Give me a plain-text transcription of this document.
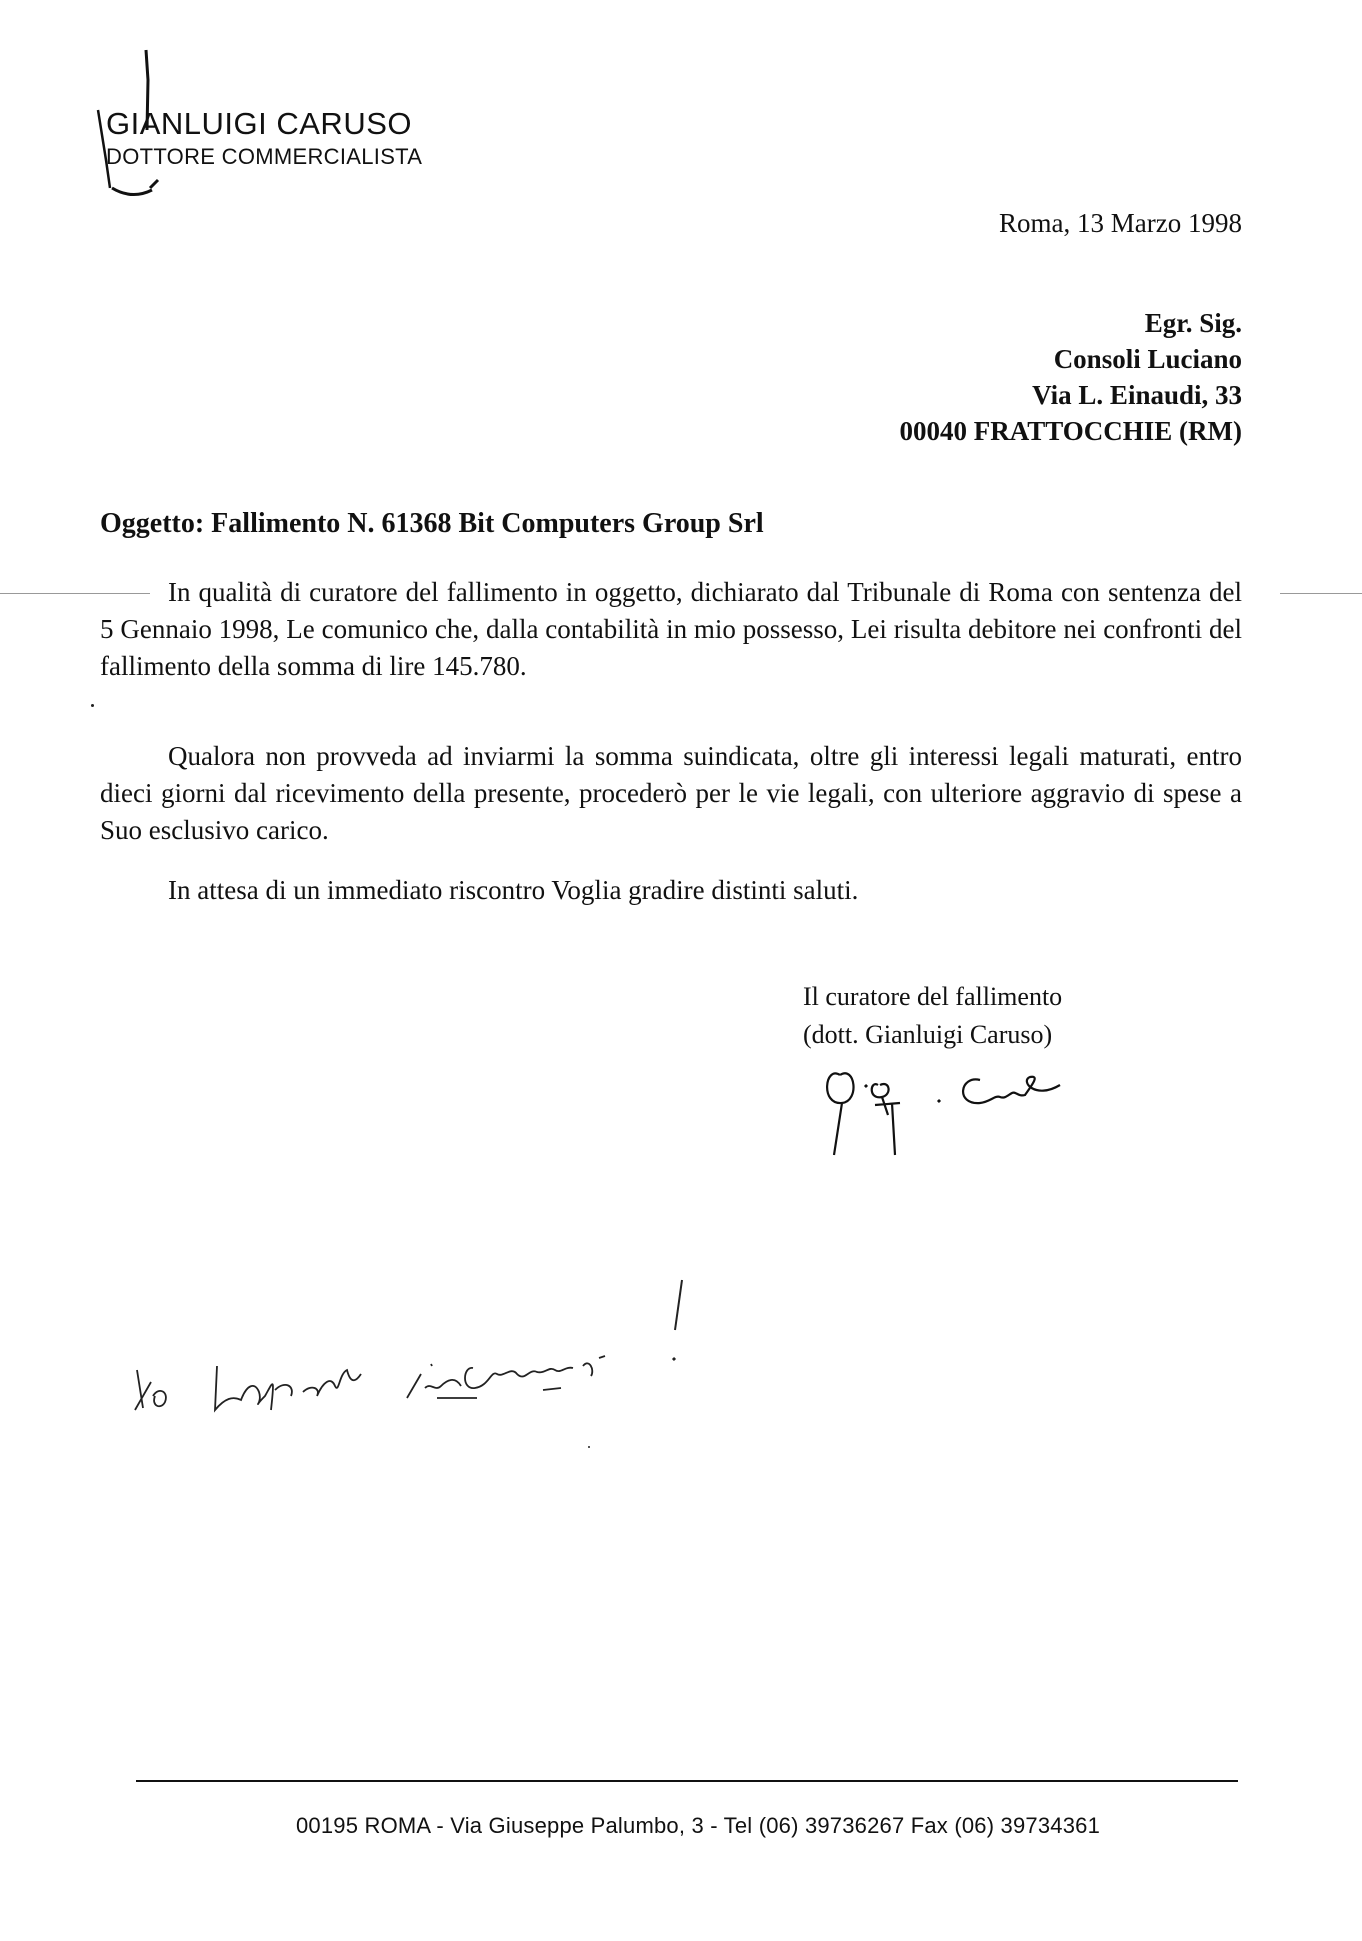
GIANLUIGI CARUSO
DOTTORE COMMERCIALISTA
Roma, 13 Marzo 1998
Egr. Sig.
Consoli Luciano
Via L. Einaudi, 33
00040 FRATTOCCHIE (RM)
Oggetto: Fallimento N. 61368 Bit Computers Group Srl
In qualità di curatore del fallimento in oggetto, dichiarato dal Tribunale di Roma con sentenza del 5 Gennaio 1998, Le comunico che, dalla contabilità in mio possesso, Lei risulta debitore nei confronti del fallimento della somma di lire 145.780.
Qualora non provveda ad inviarmi la somma suindicata, oltre gli interessi legali maturati, entro dieci giorni dal ricevimento della presente, procederò per le vie legali, con ulteriore aggravio di spese a Suo esclusivo carico.
In attesa di un immediato riscontro Voglia gradire distinti saluti.
Il curatore del fallimento
(dott. Gianluigi Caruso)
00195 ROMA - Via Giuseppe Palumbo, 3 - Tel (06) 39736267 Fax (06) 39734361
